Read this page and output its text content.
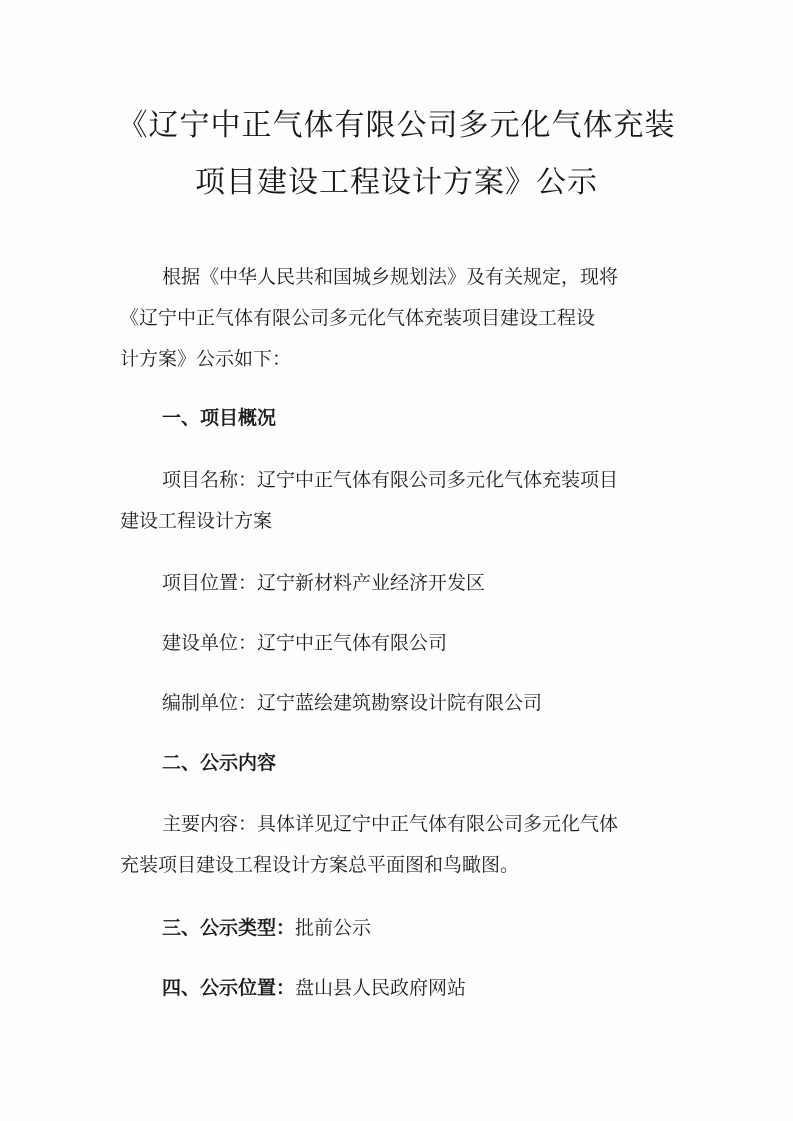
《辽宁中正气体有限公司多元化气体充装
项目建设工程设计方案》公示

根据《中华人民共和国城乡规划法》及有关规定，现将
《辽宁中正气体有限公司多元化气体充装项目建设工程设
计方案》公示如下：

一、项目概况

项目名称：辽宁中正气体有限公司多元化气体充装项目
建设工程设计方案

项目位置：辽宁新材料产业经济开发区

建设单位：辽宁中正气体有限公司

编制单位：辽宁蓝绘建筑勘察设计院有限公司

二、公示内容

主要内容：具体详见辽宁中正气体有限公司多元化气体
充装项目建设工程设计方案总平面图和鸟瞰图。

三、公示类型：批前公示

四、公示位置：盘山县人民政府网站
